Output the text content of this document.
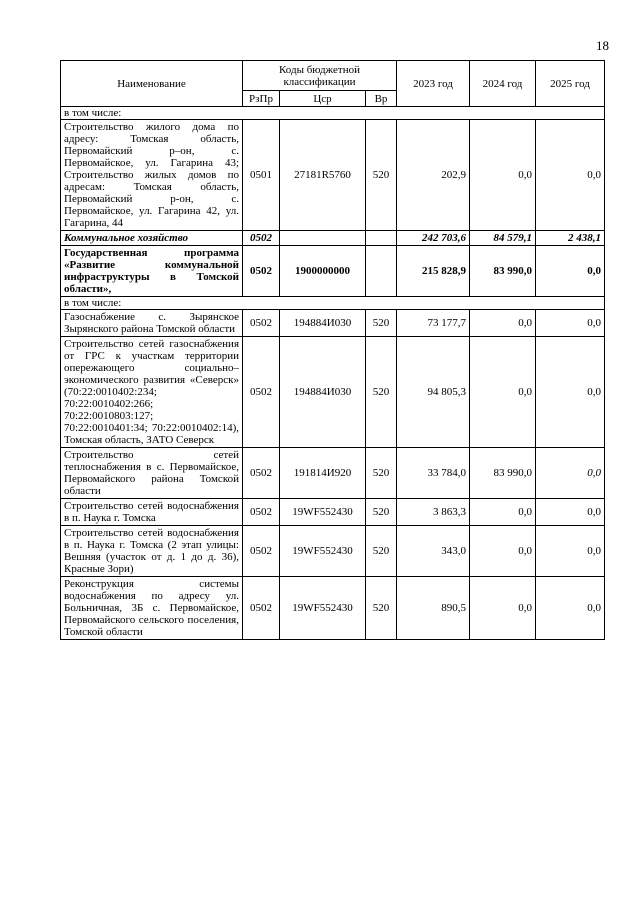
18
Наименование	Коды бюджетной классификации			2023 год	2024 год	2025 год
	РзПр	Цср	Вр			
в том числе:						
Строительство жилого дома по адресу: Томская область, Первомайский р–он, с. Первомайское, ул. Гагарина 43; Строительство жилых домов по адресам: Томская область, Первомайский р-он, с. Первомайское, ул. Гагарина 42, ул. Гагарина, 44	0501	27181R5760	520	202,9	0,0	0,0
Коммунальное хозяйство	0502			242 703,6	84 579,1	2 438,1
Государственная программа «Развитие коммунальной инфраструктуры в Томской области»,	0502	1900000000		215 828,9	83 990,0	0,0
в том числе:						
Газоснабжение с. Зырянское Зырянского района Томской области	0502	194884И030	520	73 177,7	0,0	0,0
Строительство сетей газоснабжения от ГРС к участкам территории опережающего социально–экономического развития «Северск» (70:22:0010402:234; 70:22:0010402:266; 70:22:0010803:127; 70:22:0010401:34; 70:22:0010402:14), Томская область, ЗАТО Северск	0502	194884И030	520	94 805,3	0,0	0,0
Строительство сетей теплоснабжения в с. Первомайское, Первомайского района Томской области	0502	191814И920	520	33 784,0	83 990,0	0,0
Строительство сетей водоснабжения в п. Наука г. Томска	0502	19WF552430	520	3 863,3	0,0	0,0
Строительство сетей водоснабжения в п. Наука г. Томска (2 этап улицы: Вешняя (участок от д. 1 до д. 36), Красные Зори)	0502	19WF552430	520	343,0	0,0	0,0
Реконструкция системы водоснабжения по адресу ул. Больничная, 3Б с. Первомайское, Первомайского сельского поселения, Томской области	0502	19WF552430	520	890,5	0,0	0,0
